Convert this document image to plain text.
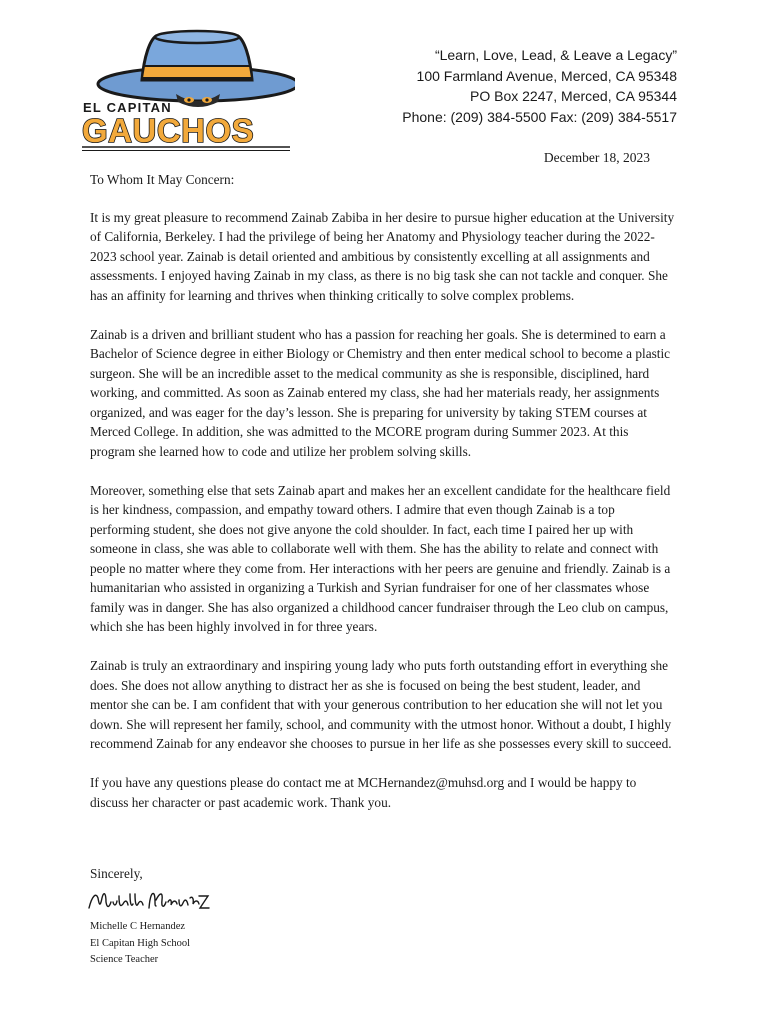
EL CAPITAN
GAUCHOS
“Learn, Love, Lead, & Leave a Legacy”
100 Farmland Avenue, Merced, CA 95348
PO Box 2247, Merced, CA 95344
Phone: (209) 384-5500 Fax: (209) 384-5517
December 18, 2023

To Whom It May Concern:

It is my great pleasure to recommend Zainab Zabiba in her desire to pursue higher education at the University of California, Berkeley. I had the privilege of being her Anatomy and Physiology teacher during the 2022-2023 school year. Zainab is detail oriented and ambitious by consistently excelling at all assignments and assessments. I enjoyed having Zainab in my class, as there is no big task she can not tackle and conquer. She has an affinity for learning and thrives when thinking critically to solve complex problems.

Zainab is a driven and brilliant student who has a passion for reaching her goals. She is determined to earn a Bachelor of Science degree in either Biology or Chemistry and then enter medical school to become a plastic surgeon. She will be an incredible asset to the medical community as she is responsible, disciplined, hard working, and committed. As soon as Zainab entered my class, she had her materials ready, her assignments organized, and was eager for the day’s lesson. She is preparing for university by taking STEM courses at Merced College. In addition, she was admitted to the MCORE program during Summer 2023. At this program she learned how to code and utilize her problem solving skills.

Moreover, something else that sets Zainab apart and makes her an excellent candidate for the healthcare field is her kindness, compassion, and empathy toward others. I admire that even though Zainab is a top performing student, she does not give anyone the cold shoulder. In fact, each time I paired her up with someone in class, she was able to collaborate well with them. She has the ability to relate and connect with people no matter where they come from. Her interactions with her peers are genuine and friendly. Zainab is a humanitarian who assisted in organizing a Turkish and Syrian fundraiser for one of her classmates whose family was in danger. She has also organized a childhood cancer fundraiser through the Leo club on campus, which she has been highly involved in for three years.

Zainab is truly an extraordinary and inspiring young lady who puts forth outstanding effort in everything she does. She does not allow anything to distract her as she is focused on being the best student, leader, and mentor she can be. I am confident that with your generous contribution to her education she will not let you down. She will represent her family, school, and community with the utmost honor. Without a doubt, I highly recommend Zainab for any endeavor she chooses to pursue in her life as she possesses every skill to succeed.

If you have any questions please do contact me at MCHernandez@muhsd.org and I would be happy to discuss her character or past academic work. Thank you.

Sincerely,
Michelle C Hernandez
El Capitan High School
Science Teacher
